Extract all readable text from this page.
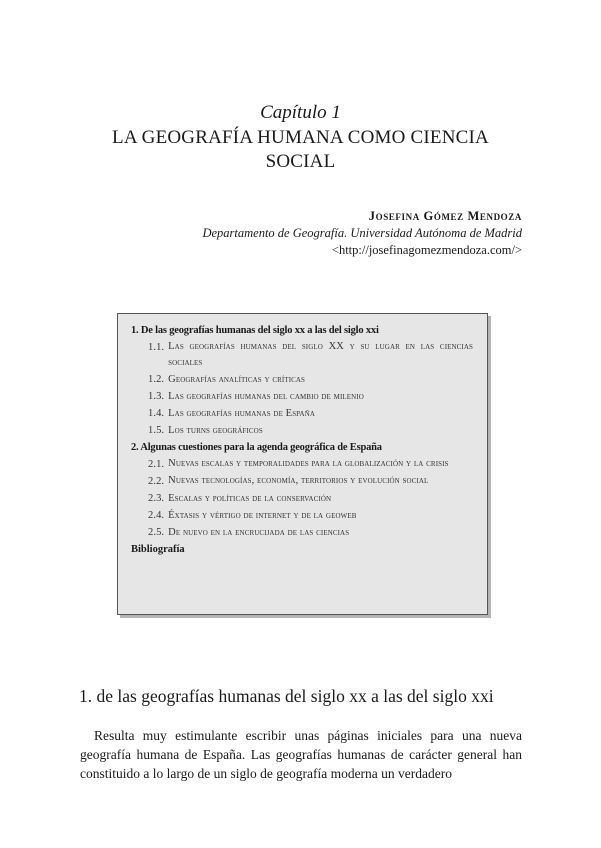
Capítulo 1
LA GEOGRAFÍA HUMANA COMO CIENCIA SOCIAL
Josefina Gómez Mendoza
Departamento de Geografía. Universidad Autónoma de Madrid
<http://josefinagomezmendoza.com/>
1. De las geografías humanas del siglo xx a las del siglo xxi
1.1. Las geografías humanas del siglo XX y su lugar en las ciencias sociales
1.2. Geografías analíticas y críticas
1.3. Las geografías humanas del cambio de milenio
1.4. Las geografías humanas de España
1.5. Los turns geográficos
2. Algunas cuestiones para la agenda geográfica de España
2.1. Nuevas escalas y temporalidades para la globalización y la crisis
2.2. Nuevas tecnologías, economía, territorios y evolución social
2.3. Escalas y políticas de la conservación
2.4. Éxtasis y vértigo de internet y de la geoweb
2.5. De nuevo en la encrucijada de las ciencias
Bibliografía
1. de las geografías humanas del siglo xx a las del siglo xxi

Resulta muy estimulante escribir unas páginas iniciales para una nueva geografía humana de España. Las geografías humanas de carácter general han constituido a lo largo de un siglo de geografía moderna un verdadero
